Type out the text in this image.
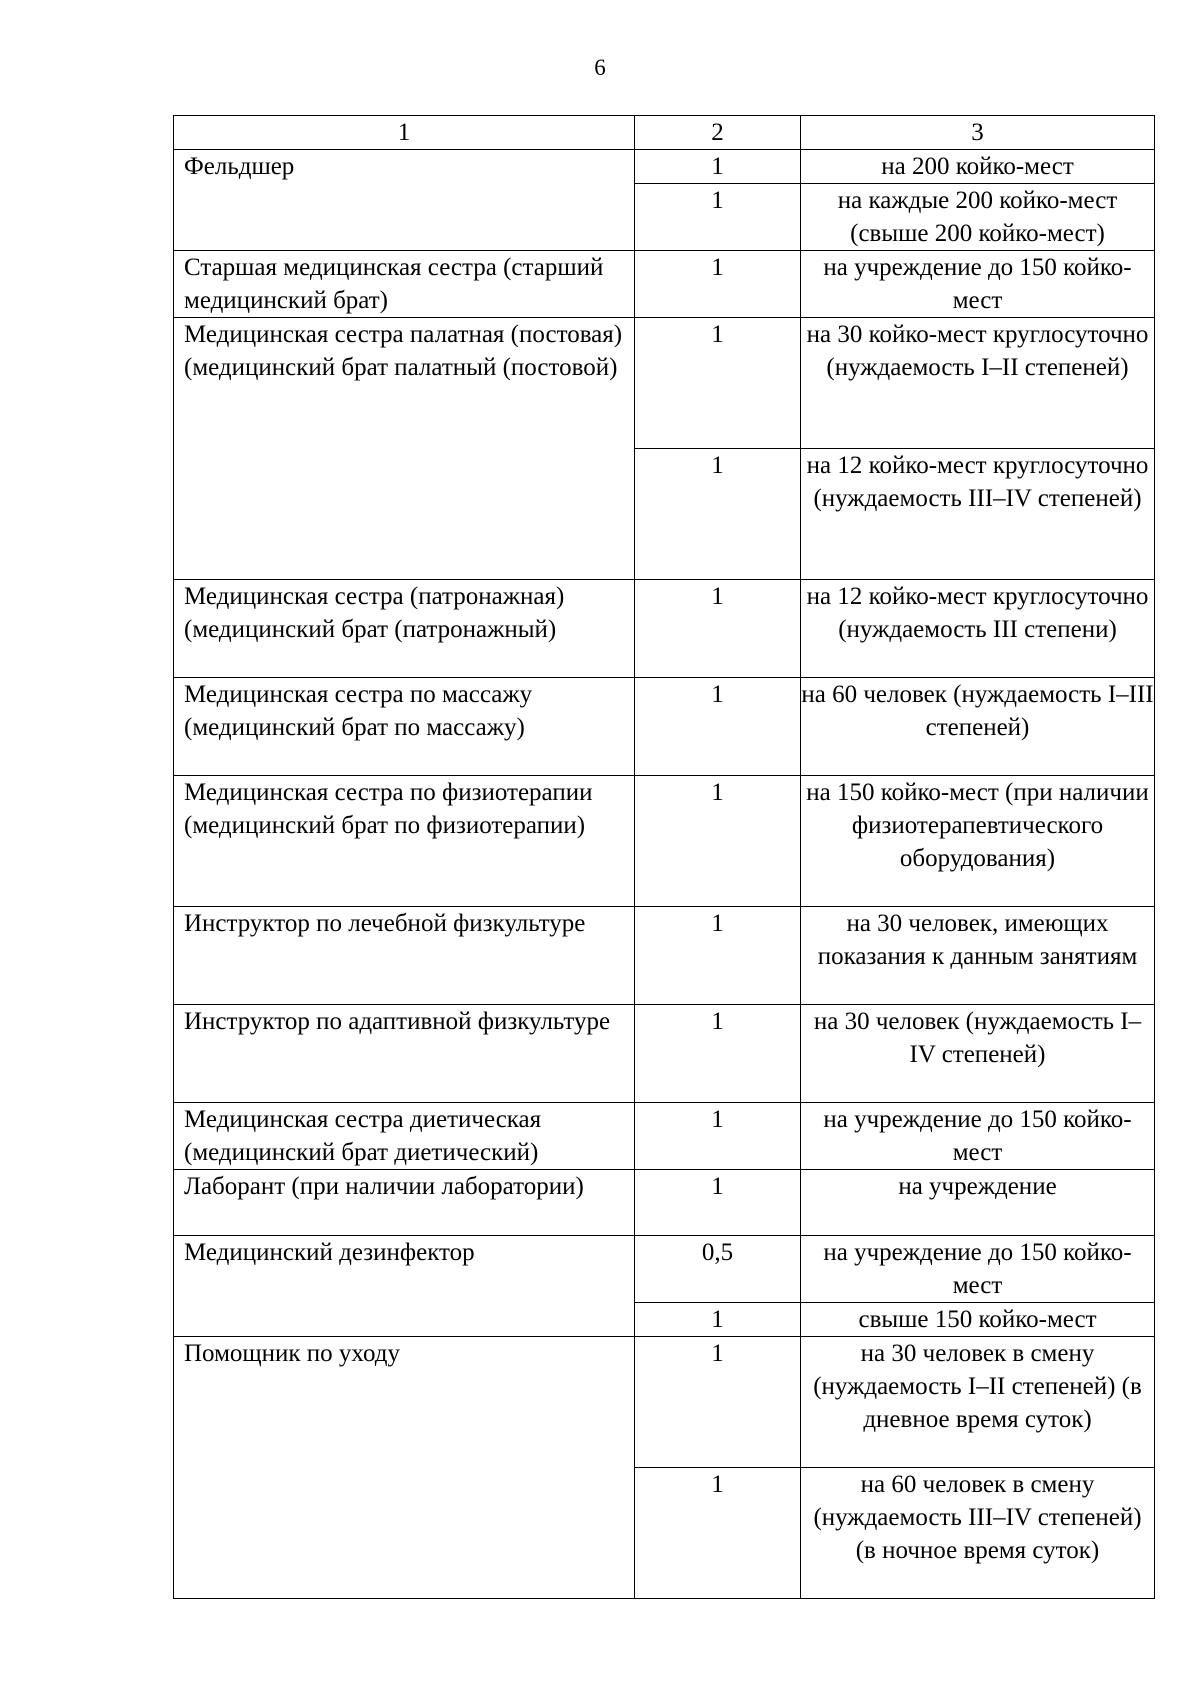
6
1	2	3
Фельдшер	1	на 200 койко-мест
	1	на каждые 200 койко-мест (свыше 200 койко-мест)
Старшая медицинская сестра (старший медицинский брат)	1	на учреждение до 150 койко-мест
Медицинская сестра палатная (постовая) (медицинский брат палатный (постовой)	1	на 30 койко-мест круглосуточно (нуждаемость I–II степеней)
	1	на 12 койко-мест круглосуточно (нуждаемость III–IV степеней)
Медицинская сестра (патронажная) (медицинский брат (патронажный)	1	на 12 койко-мест круглосуточно (нуждаемость III степени)
Медицинская сестра по массажу (медицинский брат по массажу)	1	на 60 человек (нуждаемость I–III степеней)
Медицинская сестра по физиотерапии (медицинский брат по физиотерапии)	1	на 150 койко-мест (при наличии физиотерапевтического оборудования)
Инструктор по лечебной физкультуре	1	на 30 человек, имеющих показания к данным занятиям
Инструктор по адаптивной физкультуре	1	на 30 человек (нуждаемость I–IV степеней)
Медицинская сестра диетическая (медицинский брат диетический)	1	на учреждение до 150 койко-мест
Лаборант (при наличии лаборатории)	1	на учреждение
Медицинский дезинфектор	0,5	на учреждение до 150 койко-мест
	1	свыше 150 койко-мест
Помощник по уходу	1	на 30 человек в смену (нуждаемость I–II степеней) (в дневное время суток)
	1	на 60 человек в смену (нуждаемость III–IV степеней) (в ночное время суток)
